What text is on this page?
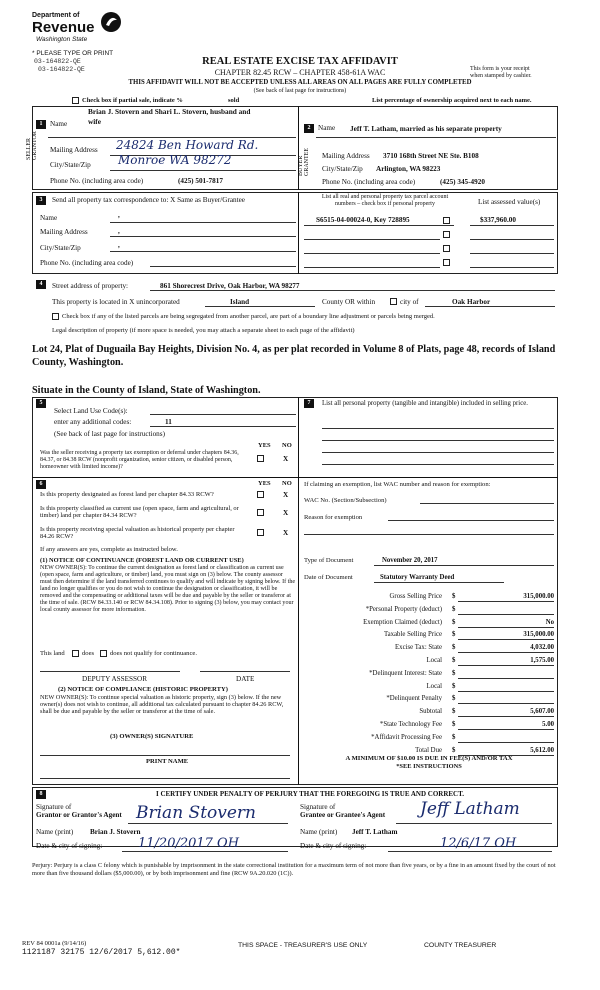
Department of
Revenue
Washington State
* PLEASE TYPE OR PRINT
03-164822-QE
03-164822-QE
REAL ESTATE EXCISE TAX AFFIDAVIT
CHAPTER 82.45 RCW – CHAPTER 458-61A WAC	This form is your receipt
when stamped by cashier.
THIS AFFIDAVIT WILL NOT BE ACCEPTED UNLESS ALL AREAS ON ALL PAGES ARE FULLY COMPLETED
(See back of last page for instructions)
Check box if partial sale, indicate %	sold	List percentage of ownership acquired next to each name.
1
2
SELLER GRANTOR
BUYER GRANTEE
Name
Brian J. Stovern and Shari L. Stovern, husband and
wife
Mailing Address 24824 Ben Howard Rd.
City/State/Zip Monroe WA 98272
Phone No. (including area code)	(425) 501-7817
Name Jeff T. Latham, married as his separate property
Mailing Address 3710 168th Street NE Ste. B108
City/State/Zip Arlington, WA 98223
Phone No. (including area code)	(425) 345-4920
3	Send all property tax correspondence to: X Same as Buyer/Grantee
Name	,
Mailing Address	,
City/State/Zip	,
Phone No. (including area code)
List all real and personal property tax parcel account
numbers – check box if personal property	List assessed value(s)
S6515-04-00024-0, Key 728895	$337,960.00
4	Street address of property:	861 Shorecrest Drive, Oak Harbor, WA 98277
This property is located in X unincorporated	Island	County OR within	city of	Oak Harbor
Check box if any of the listed parcels are being segregated from another parcel, are part of a boundary line adjustment or parcels being merged.
Legal description of property (if more space is needed, you may attach a separate sheet to each page of the affidavit)
Lot 24, Plat of Duguaila Bay Heights, Division No. 4, as per plat recorded in Volume 8 of Plats, page 48, records of Island County, Washington.
Situate in the County of Island, State of Washington.
5
Select Land Use Code(s):
enter any additional codes:	11
(See back of last page for instructions)
YES NO
Was the seller receiving a property tax exemption or deferral under chapters 84.36, 84.37, or 84.38 RCW (nonprofit organization, senior citizen, or disabled person, homeowner with limited income)?
X
6	YES NO
Is this property designated as forest land per chapter 84.33 RCW?	X
Is this property classified as current use (open space, farm and agricultural, or timber) land per chapter 84.34 RCW?	X
Is this property receiving special valuation as historical property per chapter 84.26 RCW?	X
If any answers are yes, complete as instructed below.
(1) NOTICE OF CONTINUANCE (FOREST LAND OR CURRENT USE)
NEW OWNER(S): To continue the current designation as forest land or classification as current use (open space, farm and agriculture, or timber) land, you must sign on (3) below. The county assessor must then determine if the land transferred continues to qualify and will indicate by signing below. If the land no longer qualifies or you do not wish to continue the designation or classification, it will be removed and the compensating or additional taxes will be due and payable by the seller or transferor at the time of sale. (RCW 84.33.140 or RCW 84.34.108). Prior to signing (3) below, you may contact your local county assessor for more information.
This land	does does not qualify for continuance.
DEPUTY ASSESSOR	DATE
(2) NOTICE OF COMPLIANCE (HISTORIC PROPERTY)
NEW OWNER(S): To continue special valuation as historic property, sign (3) below. If the new owner(s) does not wish to continue, all additional tax calculated pursuant to chapter 84.26 RCW, shall be due and payable by the seller or transferor at the time of sale.
(3) OWNER(S) SIGNATURE
PRINT NAME
7	List all personal property (tangible and intangible) included in selling price.
If claiming an exemption, list WAC number and reason for exemption:
WAC No. (Section/Subsection)
Reason for exemption
Type of Document	November 20, 2017
Date of Document	Statutory Warranty Deed
Gross Selling Price $	315,000.00
*Personal Property (deduct) $
Exemption Claimed (deduct) $	No
Taxable Selling Price $	315,000.00
Excise Tax: State $	4,032.00
Local $	1,575.00
*Delinquent Interest: State $
Local $
*Delinquent Penalty $
Subtotal $	5,607.00
*State Technology Fee $	5.00
*Affidavit Processing Fee $
Total Due $	5,612.00
A MINIMUM OF $10.00 IS DUE IN FEE(S) AND/OR TAX
*SEE INSTRUCTIONS
8	I CERTIFY UNDER PENALTY OF PERJURY THAT THE FOREGOING IS TRUE AND CORRECT.
Signature of
Grantor or Grantor's Agent Brian Stovern
Name (print) Brian J. Stovern
Date & city of signing:	11/20/2017 OH
Signature of
Grantee or Grantee's Agent Jeff Latham
Name (print) Jeff T. Latham
Date & city of signing:	12/6/17 OH
Perjury: Perjury is a class C felony which is punishable by imprisonment in the state correctional institution for a maximum term of not more than five years, or by a fine in an amount fixed by the court of not more than five thousand dollars ($5,000.00), or by both imprisonment and fine (RCW 9A.20.020 (1C)).
REV 84 0001a (9/14/16)
1121187 32175 12/6/2017 5,612.00*
THIS SPACE - TREASURER'S USE ONLY	COUNTY TREASURER
